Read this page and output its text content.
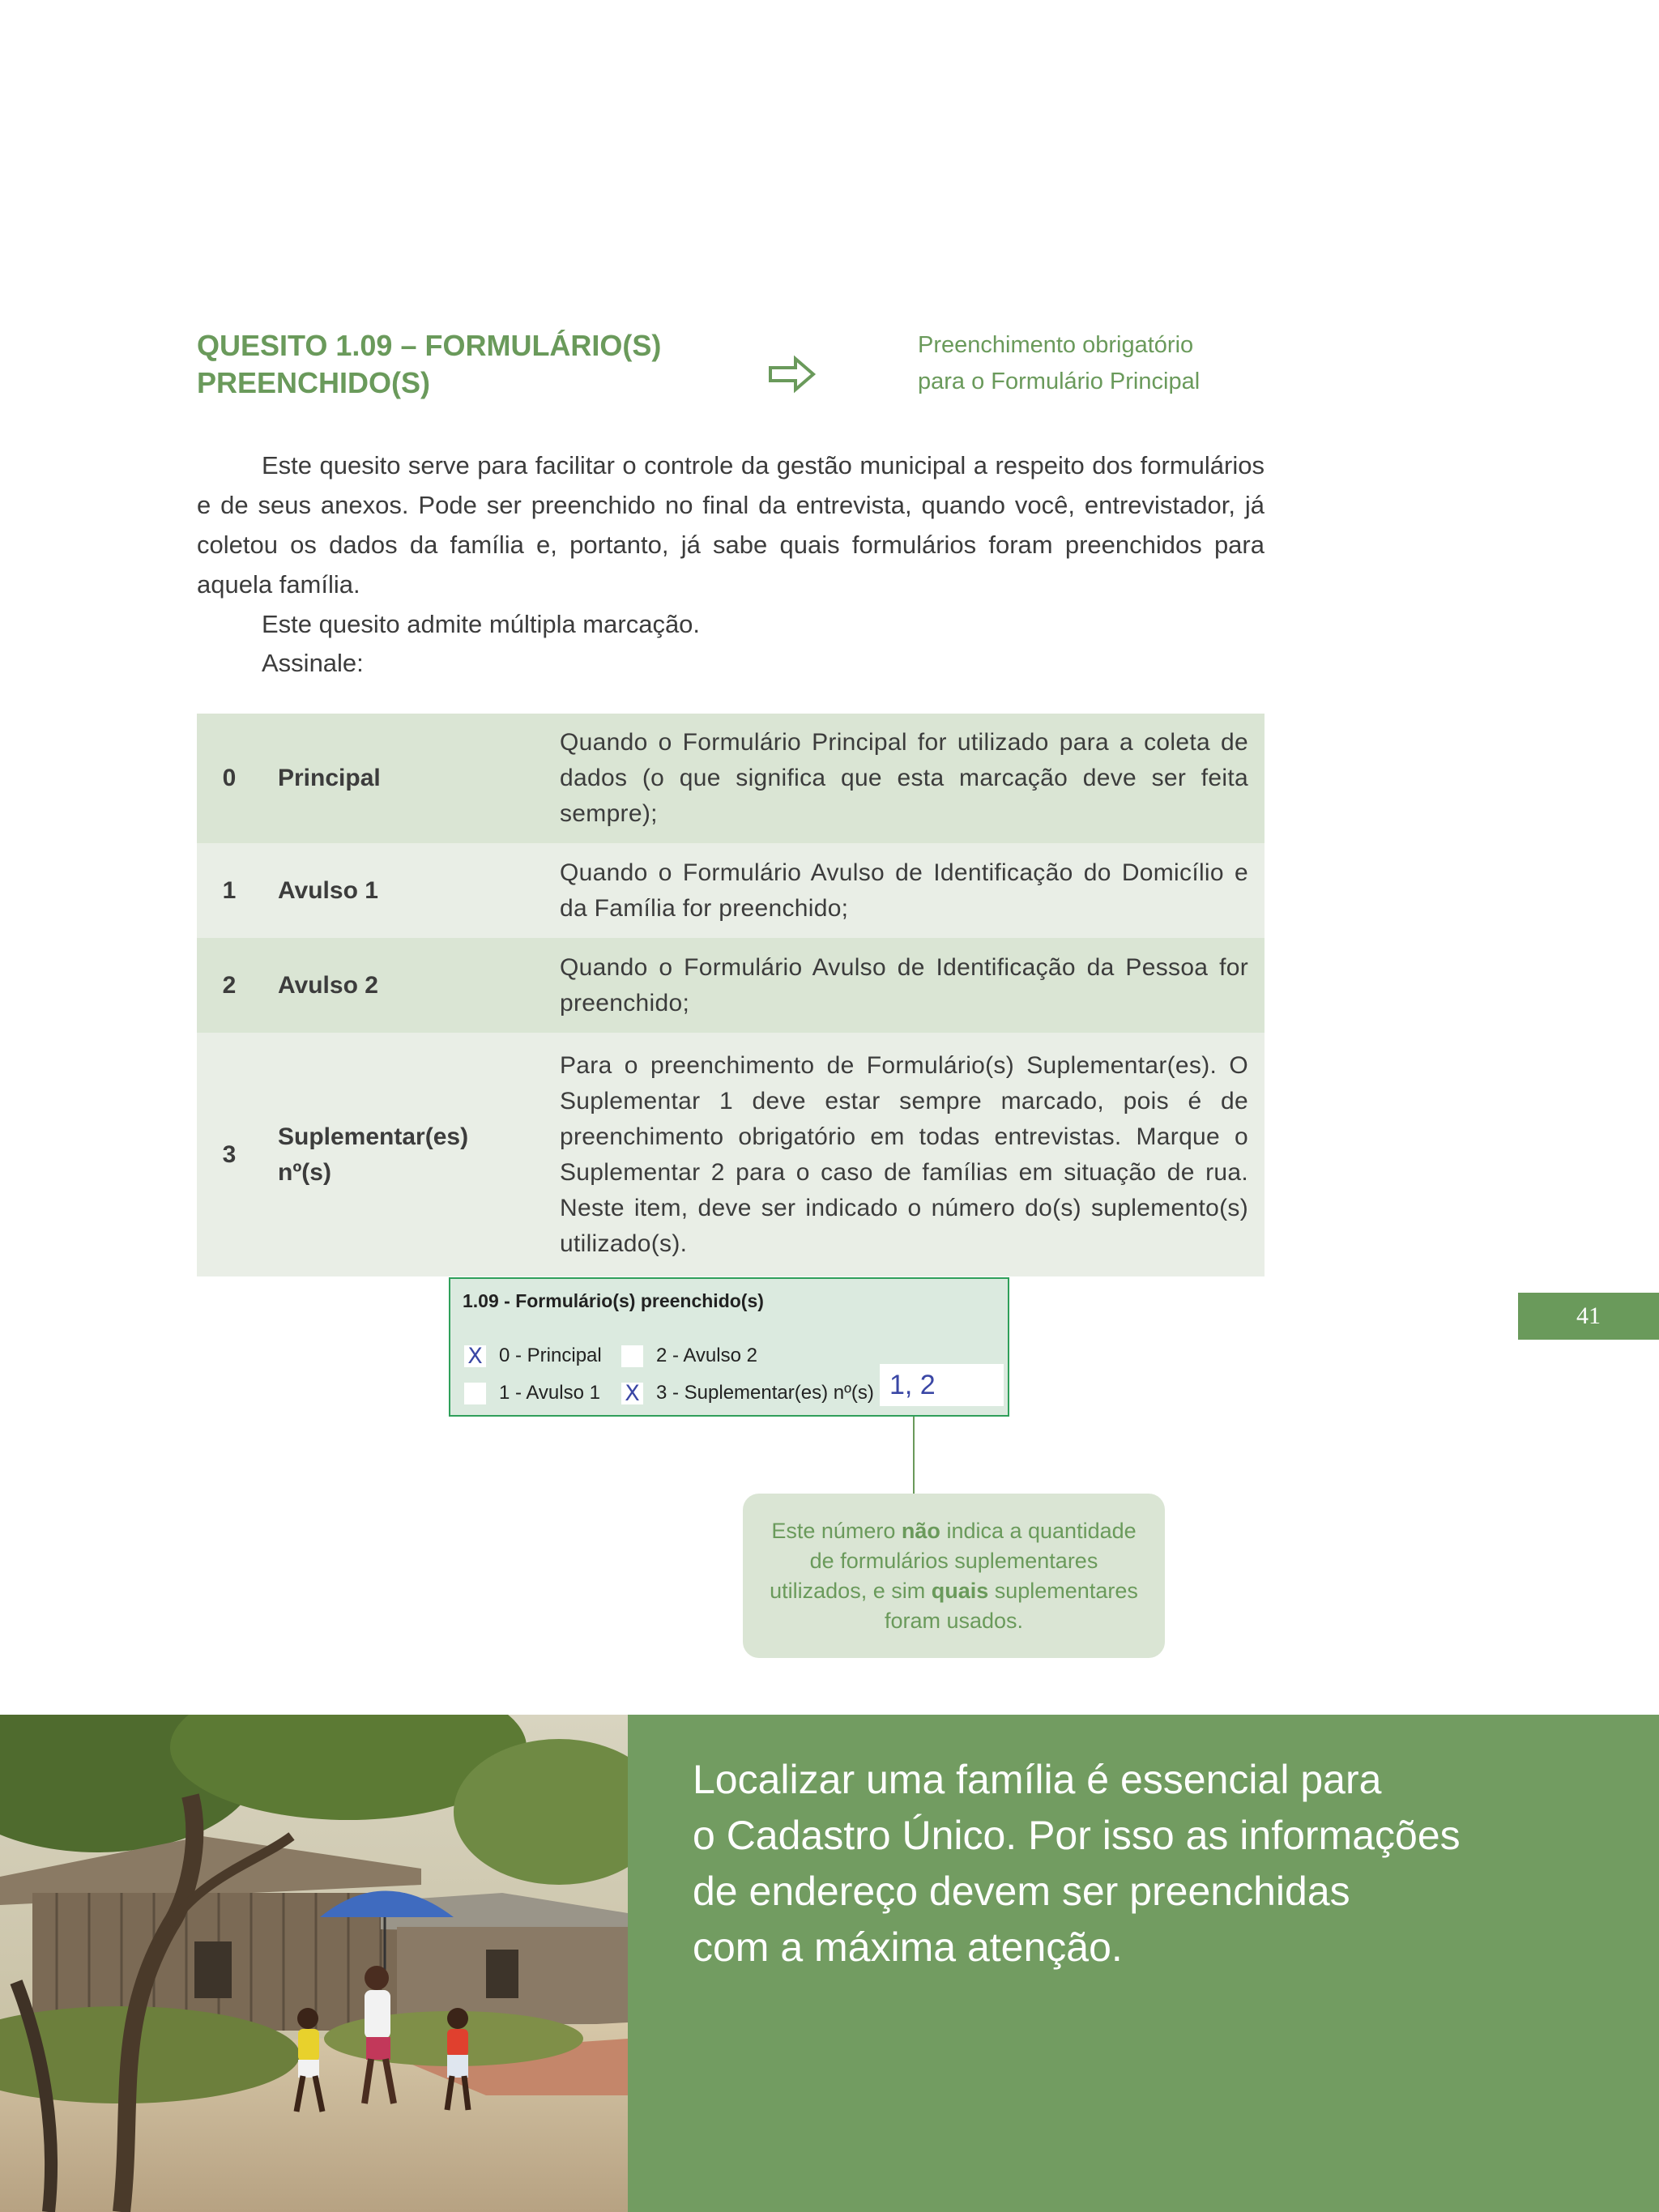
QUESITO 1.09 – FORMULÁRIO(S)
PREENCHIDO(S)
Preenchimento obrigatório
para o Formulário Principal

Este quesito serve para facilitar o controle da gestão municipal a respeito dos formulários e de seus anexos. Pode ser preenchido no final da entrevista, quando você, entrevistador, já coletou os dados da família e, portanto, já sabe quais formulários foram preenchidos para aquela família.

Este quesito admite múltipla marcação.

Assinale:
0	Principal	Quando o Formulário Principal for utilizado para a coleta de dados (o que significa que esta marcação deve ser feita sempre);
1	Avulso 1	Quando o Formulário Avulso de Identificação do Domicílio e da Família for preenchido;
2	Avulso 2	Quando o Formulário Avulso de Identificação da Pessoa for preenchido;
3	Suplementar(es) nº(s)	Para o preenchimento de Formulário(s) Suplementar(es). O Suplementar 1 deve estar sempre marcado, pois é de preenchimento obrigatório em todas entrevistas. Marque o Suplementar 2 para o caso de famílias em situação de rua. Neste item, deve ser indicado o número do(s) suplemento(s) utilizado(s).
1.09 - Formulário(s) preenchido(s)
X 0 - Principal	2 - Avulso 2
1 - Avulso 1 X 3 - Suplementar(es) nº(s) 1, 2
Este número não indica a quantidade de formulários suplementares utilizados, e sim quais suplementares foram usados.
41
Localizar uma família é essencial para
o Cadastro Único. Por isso as informações
de endereço devem ser preenchidas
com a máxima atenção.
